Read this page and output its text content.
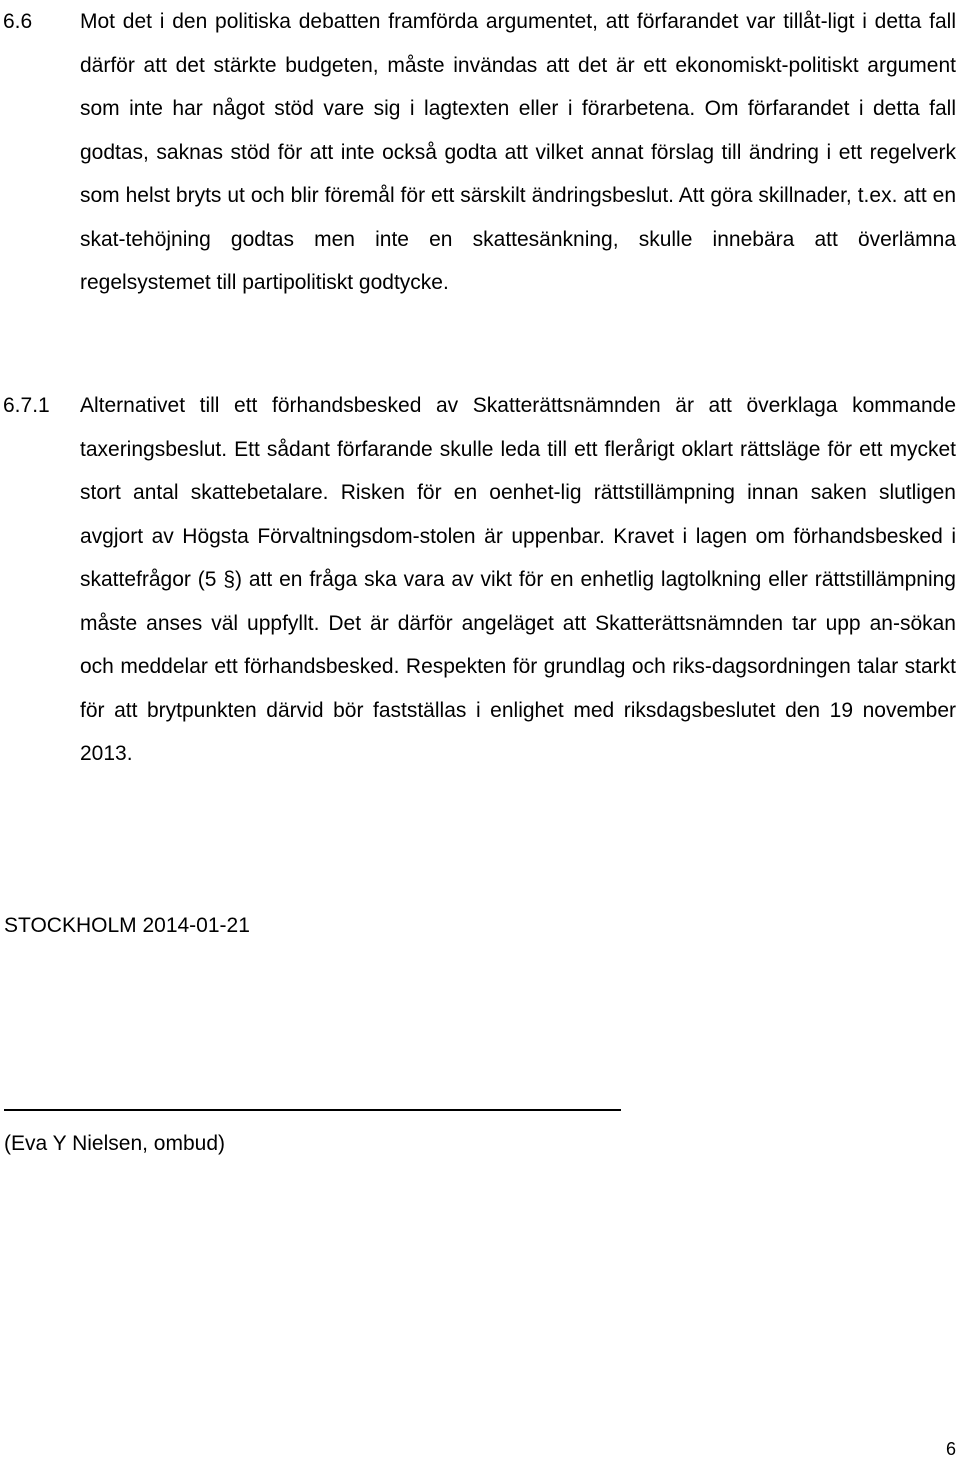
6.6 Mot det i den politiska debatten framförda argumentet, att förfarandet var tillåt-ligt i detta fall därför att det stärkte budgeten, måste invändas att det är ett ekonomiskt-politiskt argument som inte har något stöd vare sig i lagtexten eller i förarbetena. Om förfarandet i detta fall godtas, saknas stöd för att inte också godta att vilket annat förslag till ändring i ett regelverk som helst bryts ut och blir föremål för ett särskilt ändringsbeslut. Att göra skillnader, t.ex. att en skat-tehöjning godtas men inte en skattesänkning, skulle innebära att överlämna regelsystemet till partipolitiskt godtycke.

6.7.1 Alternativet till ett förhandsbesked av Skatterättsnämnden är att överklaga kommande taxeringsbeslut. Ett sådant förfarande skulle leda till ett flerårigt oklart rättsläge för ett mycket stort antal skattebetalare. Risken för en oenhet-lig rättstillämpning innan saken slutligen avgjort av Högsta Förvaltningsdom-stolen är uppenbar. Kravet i lagen om förhandsbesked i skattefrågor (5 §) att en fråga ska vara av vikt för en enhetlig lagtolkning eller rättstillämpning måste anses väl uppfyllt. Det är därför angeläget att Skatterättsnämnden tar upp an-sökan och meddelar ett förhandsbesked. Respekten för grundlag och riks-dagsordningen talar starkt för att brytpunkten därvid bör fastställas i enlighet med riksdagsbeslutet den 19 november 2013.

STOCKHOLM 2014-01-21
(Eva Y Nielsen, ombud)
6
